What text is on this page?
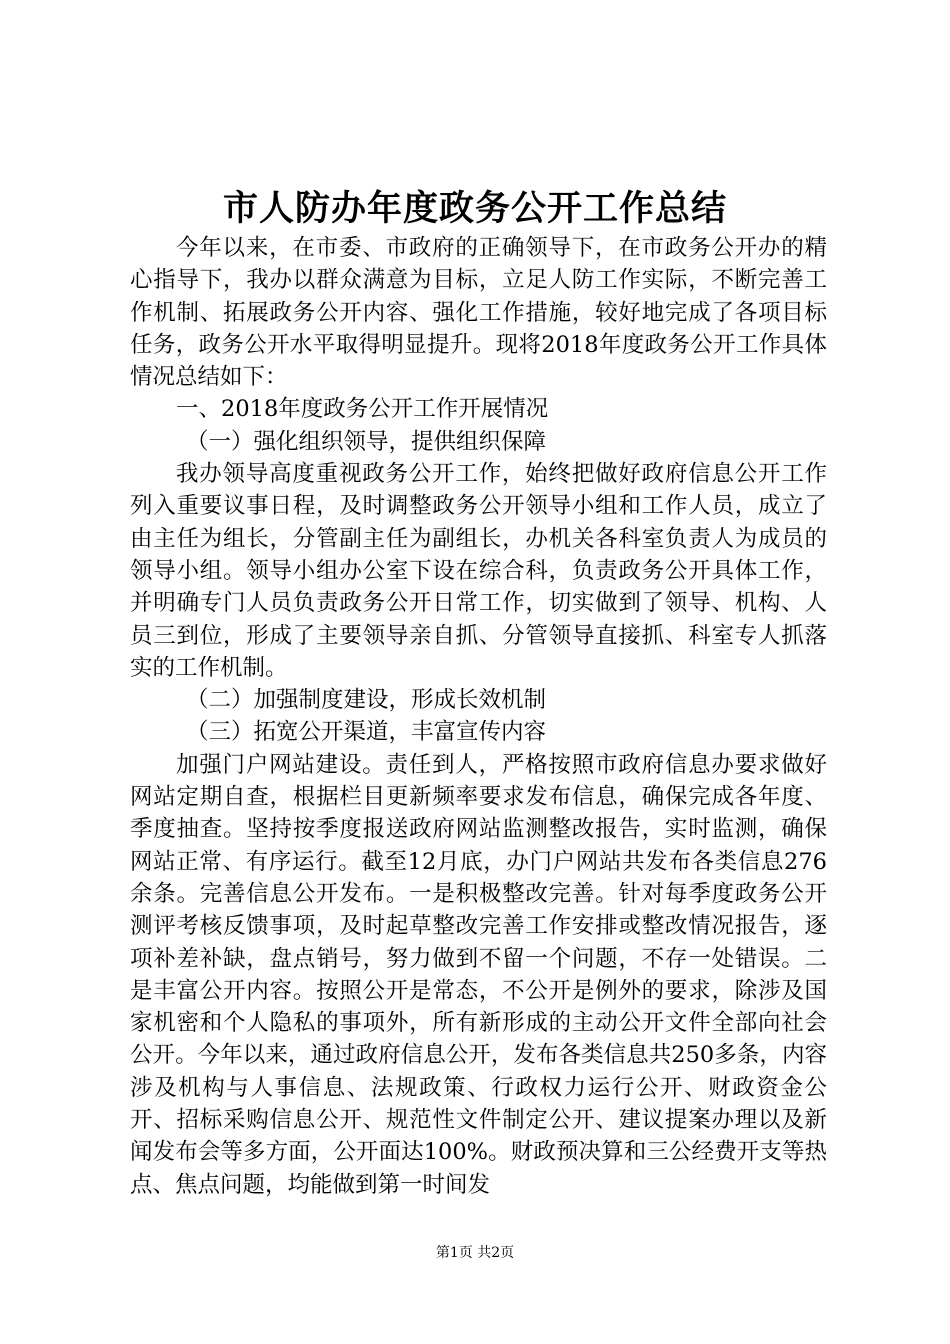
市人防办年度政务公开工作总结

今年以来，在市委、市政府的正确领导下，在市政务公开办的精心指导下，我办以群众满意为目标，立足人防工作实际，不断完善工作机制、拓展政务公开内容、强化工作措施，较好地完成了各项目标任务，政务公开水平取得明显提升。现将2018年度政务公开工作具体情况总结如下：

一、2018年度政务公开工作开展情况

（一）强化组织领导，提供组织保障

我办领导高度重视政务公开工作，始终把做好政府信息公开工作列入重要议事日程，及时调整政务公开领导小组和工作人员，成立了由主任为组长，分管副主任为副组长，办机关各科室负责人为成员的领导小组。领导小组办公室下设在综合科，负责政务公开具体工作，并明确专门人员负责政务公开日常工作，切实做到了领导、机构、人员三到位，形成了主要领导亲自抓、分管领导直接抓、科室专人抓落实的工作机制。

（二）加强制度建设，形成长效机制

（三）拓宽公开渠道，丰富宣传内容

加强门户网站建设。责任到人，严格按照市政府信息办要求做好网站定期自查，根据栏目更新频率要求发布信息，确保完成各年度、季度抽查。坚持按季度报送政府网站监测整改报告，实时监测，确保网站正常、有序运行。截至12月底，办门户网站共发布各类信息276余条。完善信息公开发布。一是积极整改完善。针对每季度政务公开测评考核反馈事项，及时起草整改完善工作安排或整改情况报告，逐项补差补缺，盘点销号，努力做到不留一个问题，不存一处错误。二是丰富公开内容。按照公开是常态，不公开是例外的要求，除涉及国家机密和个人隐私的事项外，所有新形成的主动公开文件全部向社会公开。今年以来，通过政府信息公开，发布各类信息共250多条，内容涉及机构与人事信息、法规政策、行政权力运行公开、财政资金公开、招标采购信息公开、规范性文件制定公开、建议提案办理以及新闻发布会等多方面，公开面达100%。财政预决算和三公经费开支等热点、焦点问题，均能做到第一时间发

第1页 共2页
